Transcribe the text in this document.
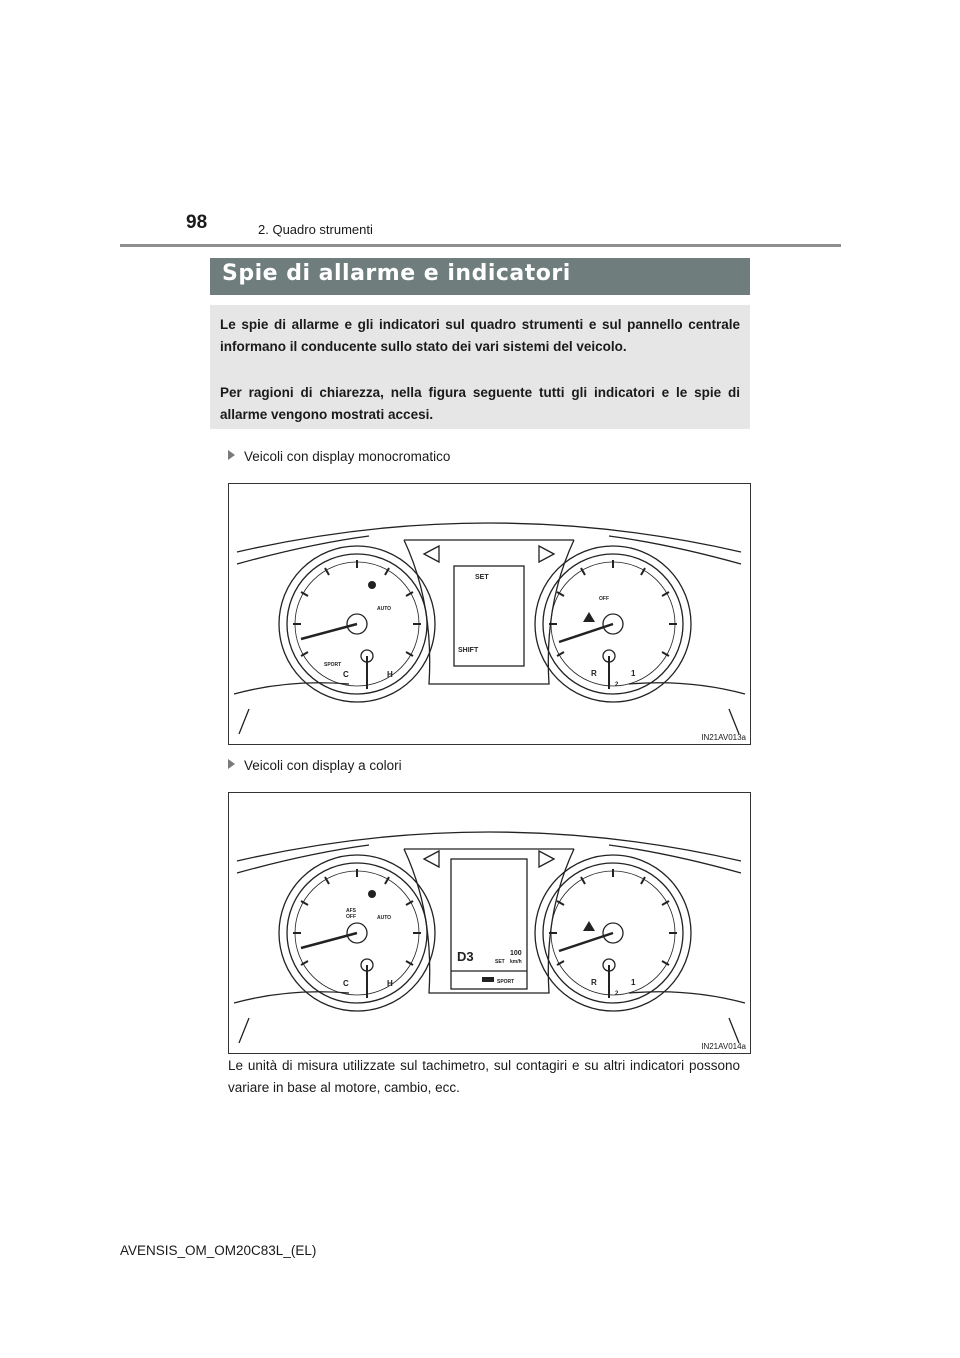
98	2. Quadro strumenti
Spie di allarme e indicatori

Le spie di allarme e gli indicatori sul quadro strumenti e sul pannello centrale informano il conducente sullo stato dei vari sistemi del veicolo.

Per ragioni di chiarezza, nella figura seguente tutti gli indicatori e le spie di allarme vengono mostrati accesi.

Veicoli con display monocromatico
SET
SHIFT
C	H
SPORT
AUTO
OFF
R	1
2
IN21AV013a
Veicoli con display a colori
D3	100
SET km/h
SPORT
C	H
AFS
OFF	AUTO
R	1
2
IN21AV014a

Le unità di misura utilizzate sul tachimetro, sul contagiri e su altri indicatori possono variare in base al motore, cambio, ecc.

AVENSIS_OM_OM20C83L_(EL)
